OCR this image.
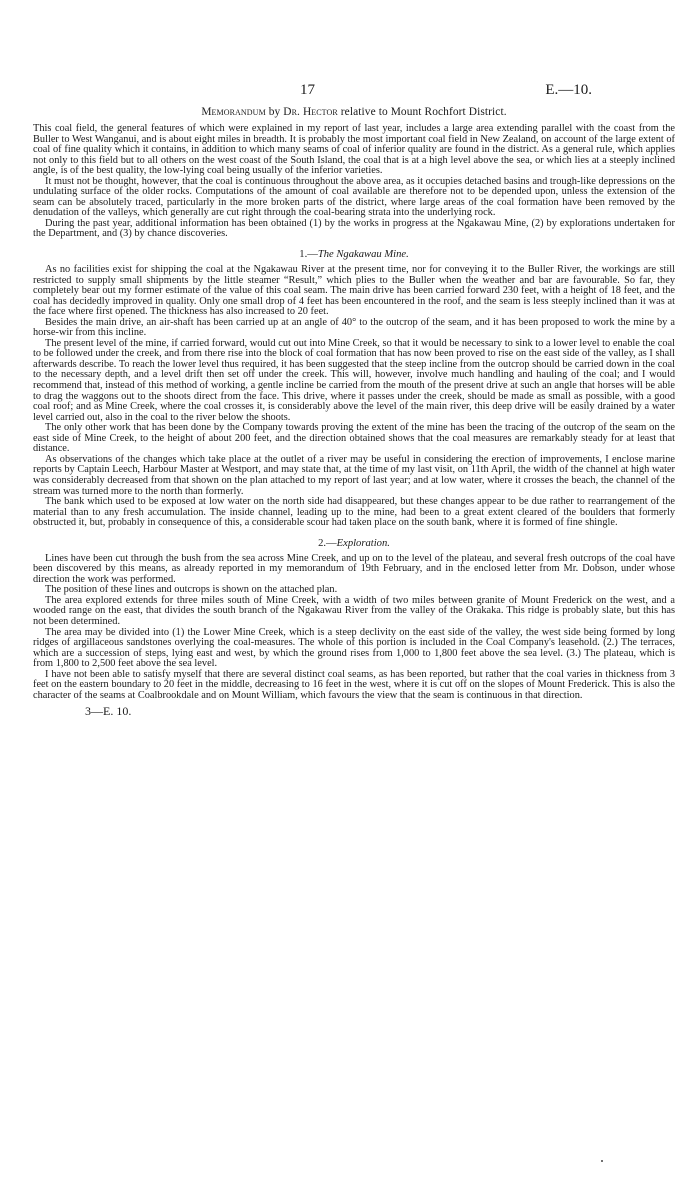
17	E.—10.
Memorandum by Dr. Hector relative to Mount Rochfort District.

This coal field, the general features of which were explained in my report of last year, includes a large area extending parallel with the coast from the Buller to West Wanganui, and is about eight miles in breadth. It is probably the most important coal field in New Zealand, on account of the large extent of coal of fine quality which it contains, in addition to which many seams of coal of inferior quality are found in the district. As a general rule, which applies not only to this field but to all others on the west coast of the South Island, the coal that is at a high level above the sea, or which lies at a steeply inclined angle, is of the best quality, the low-lying coal being usually of the inferior varieties.

It must not be thought, however, that the coal is continuous throughout the above area, as it occupies detached basins and trough-like depressions on the undulating surface of the older rocks. Computations of the amount of coal available are therefore not to be depended upon, unless the extension of the seam can be absolutely traced, particularly in the more broken parts of the district, where large areas of the coal formation have been removed by the denudation of the valleys, which generally are cut right through the coal-bearing strata into the underlying rock.

During the past year, additional information has been obtained (1) by the works in progress at the Ngakawau Mine, (2) by explorations undertaken for the Department, and (3) by chance discoveries.

1.—The Ngakawau Mine.

As no facilities exist for shipping the coal at the Ngakawau River at the present time, nor for conveying it to the Buller River, the workings are still restricted to supply small shipments by the little steamer “Result,” which plies to the Buller when the weather and bar are favourable. So far, they completely bear out my former estimate of the value of this coal seam. The main drive has been carried forward 230 feet, with a height of 18 feet, and the coal has decidedly improved in quality. Only one small drop of 4 feet has been encountered in the roof, and the seam is less steeply inclined than it was at the face where first opened. The thickness has also increased to 20 feet.

Besides the main drive, an air-shaft has been carried up at an angle of 40° to the outcrop of the seam, and it has been proposed to work the mine by a horse-wir from this incline.

The present level of the mine, if carried forward, would cut out into Mine Creek, so that it would be necessary to sink to a lower level to enable the coal to be followed under the creek, and from there rise into the block of coal formation that has now been proved to rise on the east side of the valley, as I shall afterwards describe. To reach the lower level thus required, it has been suggested that the steep incline from the outcrop should be carried down in the coal to the necessary depth, and a level drift then set off under the creek. This will, however, involve much handling and hauling of the coal; and I would recommend that, instead of this method of working, a gentle incline be carried from the mouth of the present drive at such an angle that horses will be able to drag the waggons out to the shoots direct from the face. This drive, where it passes under the creek, should be made as small as possible, with a good coal roof; and as Mine Creek, where the coal crosses it, is considerably above the level of the main river, this deep drive will be easily drained by a water level carried out, also in the coal to the river below the shoots.

The only other work that has been done by the Company towards proving the extent of the mine has been the tracing of the outcrop of the seam on the east side of Mine Creek, to the height of about 200 feet, and the direction obtained shows that the coal measures are remarkably steady for at least that distance.

As observations of the changes which take place at the outlet of a river may be useful in considering the erection of improvements, I enclose marine reports by Captain Leech, Harbour Master at Westport, and may state that, at the time of my last visit, on 11th April, the width of the channel at high water was considerably decreased from that shown on the plan attached to my report of last year; and at low water, where it crosses the beach, the channel of the stream was turned more to the north than formerly.

The bank which used to be exposed at low water on the north side had disappeared, but these changes appear to be due rather to rearrangement of the material than to any fresh accumulation. The inside channel, leading up to the mine, had been to a great extent cleared of the boulders that formerly obstructed it, but, probably in consequence of this, a considerable scour had taken place on the south bank, where it is formed of fine shingle.

2.—Exploration.

Lines have been cut through the bush from the sea across Mine Creek, and up on to the level of the plateau, and several fresh outcrops of the coal have been discovered by this means, as already reported in my memorandum of 19th February, and in the enclosed letter from Mr. Dobson, under whose direction the work was performed.

The position of these lines and outcrops is shown on the attached plan.

The area explored extends for three miles south of Mine Creek, with a width of two miles between granite of Mount Frederick on the west, and a wooded range on the east, that divides the south branch of the Ngakawau River from the valley of the Orakaka. This ridge is probably slate, but this has not been determined.

The area may be divided into (1) the Lower Mine Creek, which is a steep declivity on the east side of the valley, the west side being formed by long ridges of argillaceous sandstones overlying the coal-measures. The whole of this portion is included in the Coal Company's leasehold. (2.) The terraces, which are a succession of steps, lying east and west, by which the ground rises from 1,000 to 1,800 feet above the sea level. (3.) The plateau, which is from 1,800 to 2,500 feet above the sea level.

I have not been able to satisfy myself that there are several distinct coal seams, as has been reported, but rather that the coal varies in thickness from 3 feet on the eastern boundary to 20 feet in the middle, decreasing to 16 feet in the west, where it is cut off on the slopes of Mount Frederick. This is also the character of the seams at Coalbrookdale and on Mount William, which favours the view that the seam is continuous in that direction.

3—E. 10.
